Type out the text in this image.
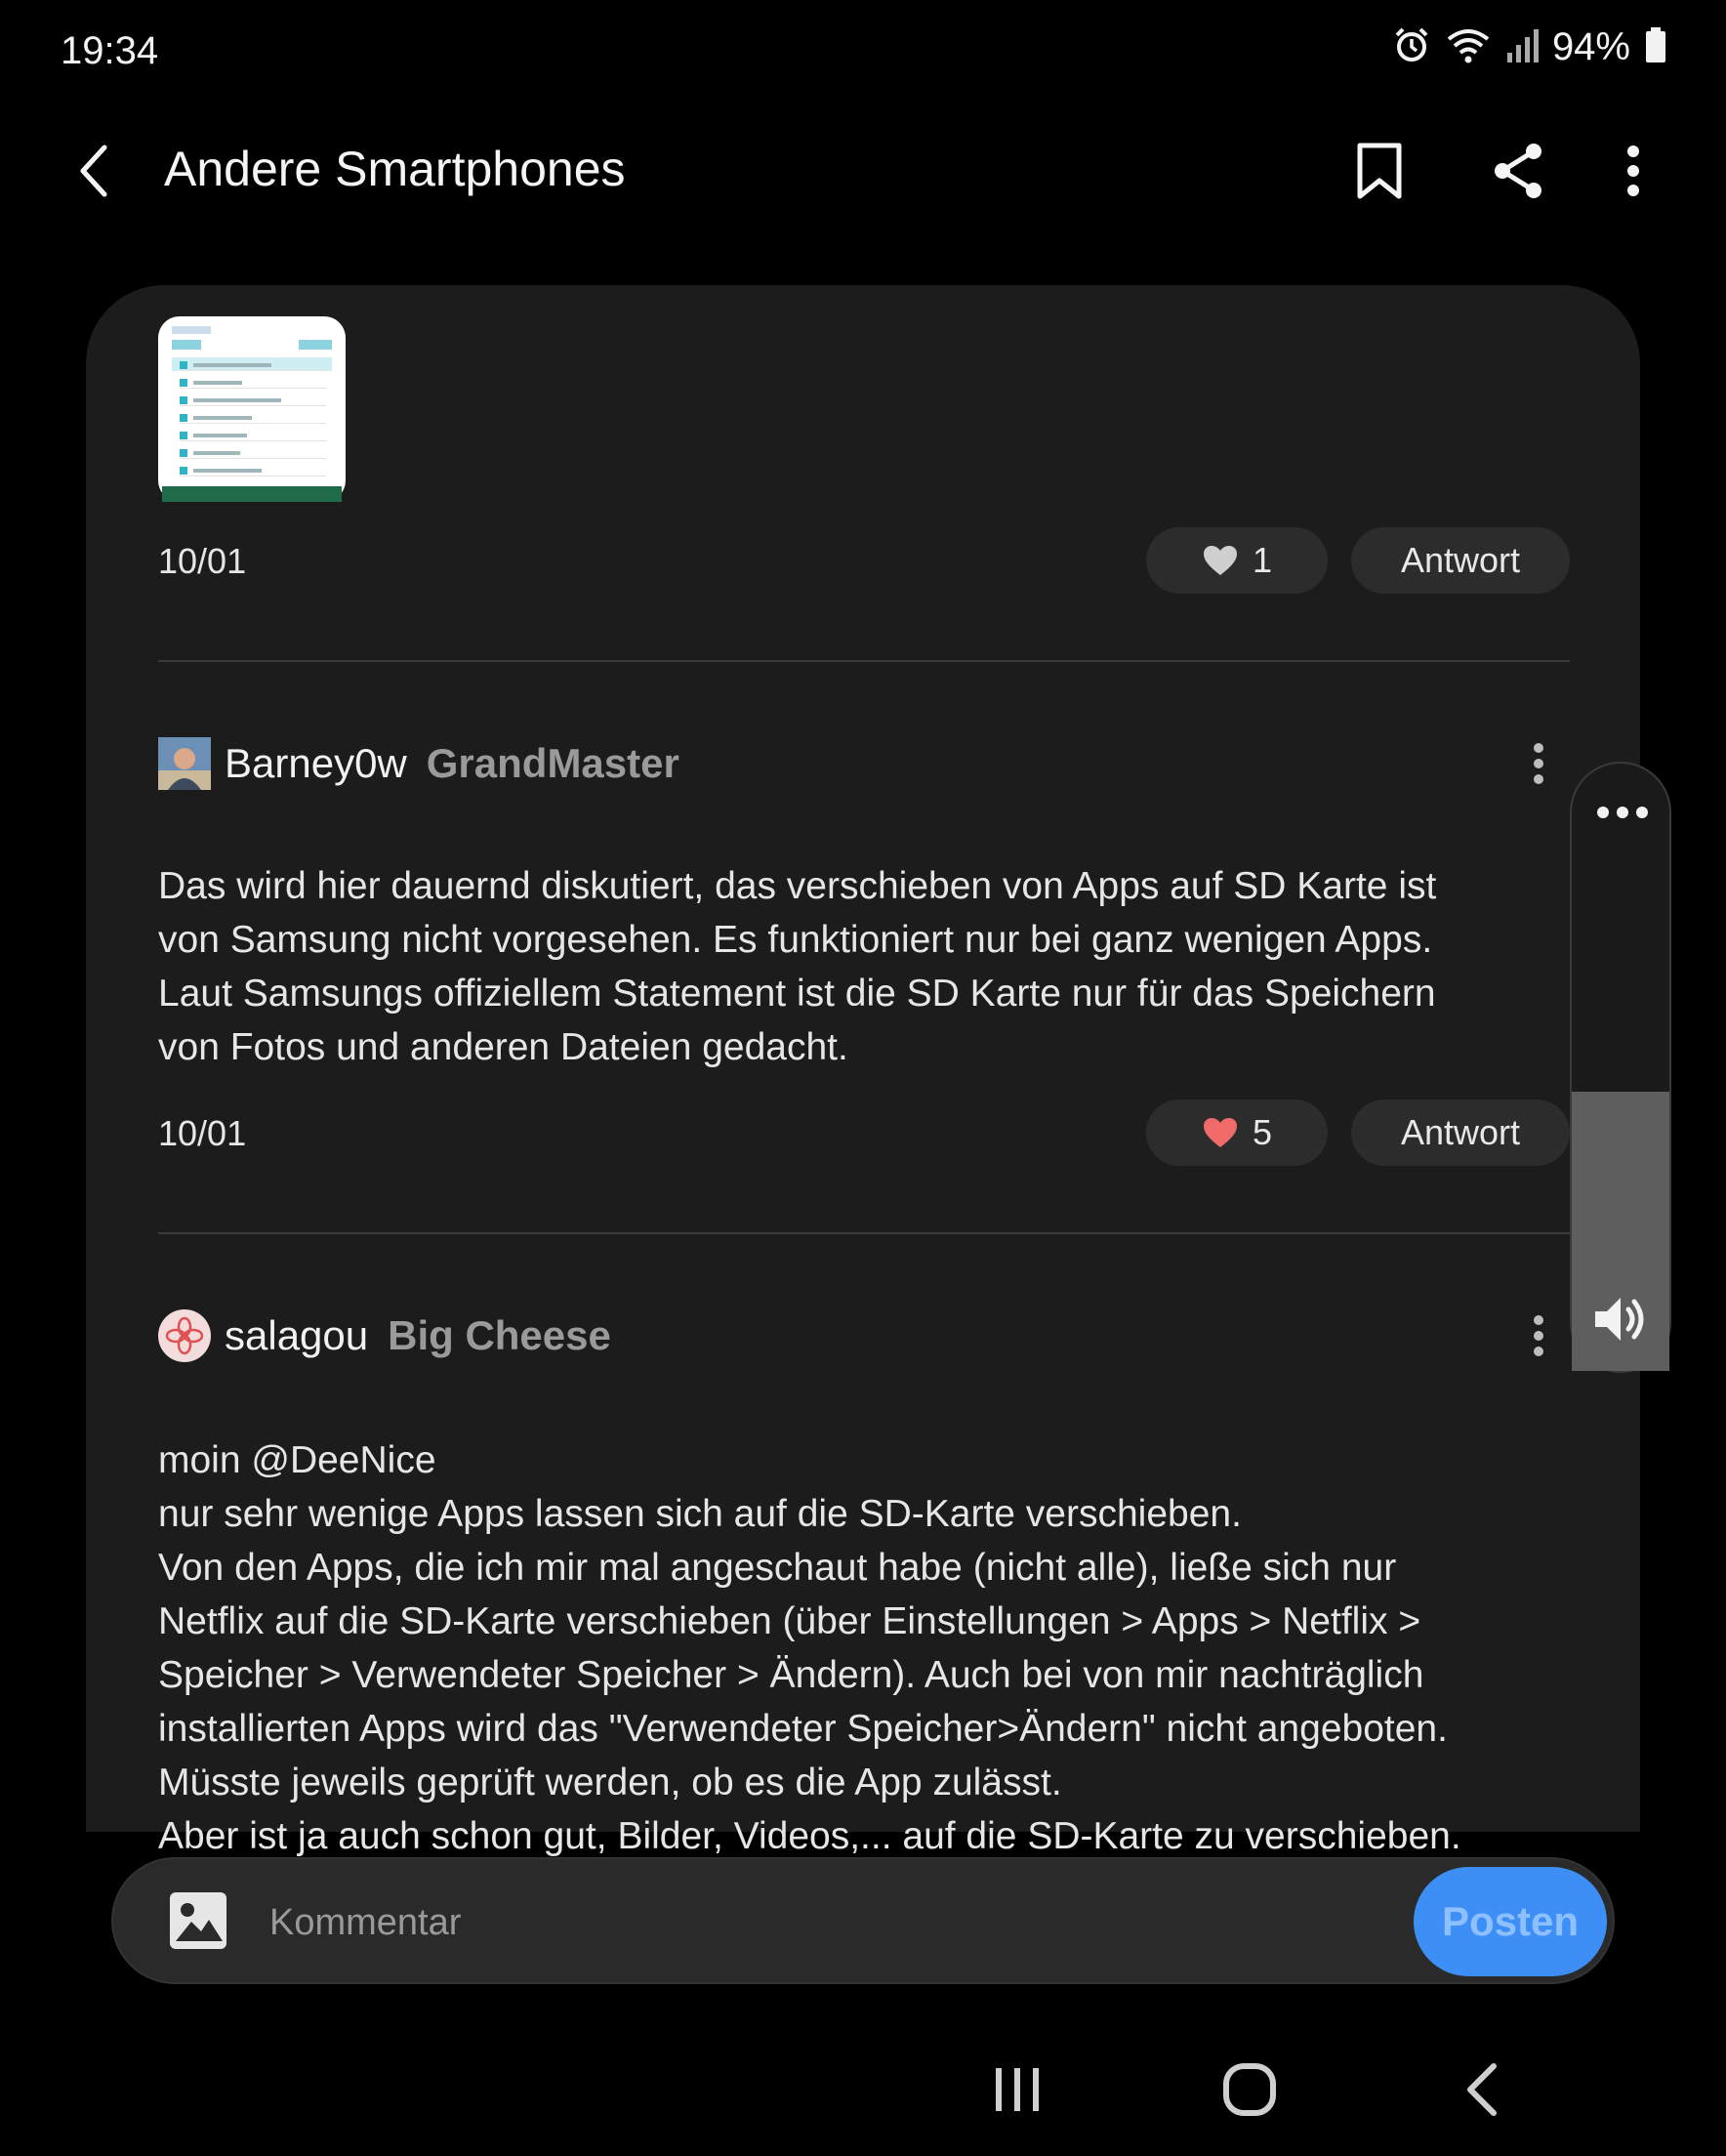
19:34	94%
Andere Smartphones
10/01	1	Antwort
Barney0w GrandMaster
Das wird hier dauernd diskutiert, das verschieben von Apps auf SD Karte ist
von Samsung nicht vorgesehen. Es funktioniert nur bei ganz wenigen Apps.
Laut Samsungs offiziellem Statement ist die SD Karte nur für das Speichern
von Fotos und anderen Dateien gedacht.
10/01	5	Antwort
salagou Big Cheese
moin @DeeNice
nur sehr wenige Apps lassen sich auf die SD-Karte verschieben.
Von den Apps, die ich mir mal angeschaut habe (nicht alle), ließe sich nur
Netflix auf die SD-Karte verschieben (über Einstellungen > Apps > Netflix >
Speicher > Verwendeter Speicher > Ändern). Auch bei von mir nachträglich
installierten Apps wird das "Verwendeter Speicher>Ändern" nicht angeboten.
Müsste jeweils geprüft werden, ob es die App zulässt.
Aber ist ja auch schon gut, Bilder, Videos,... auf die SD-Karte zu verschieben.
Kommentar
Posten
